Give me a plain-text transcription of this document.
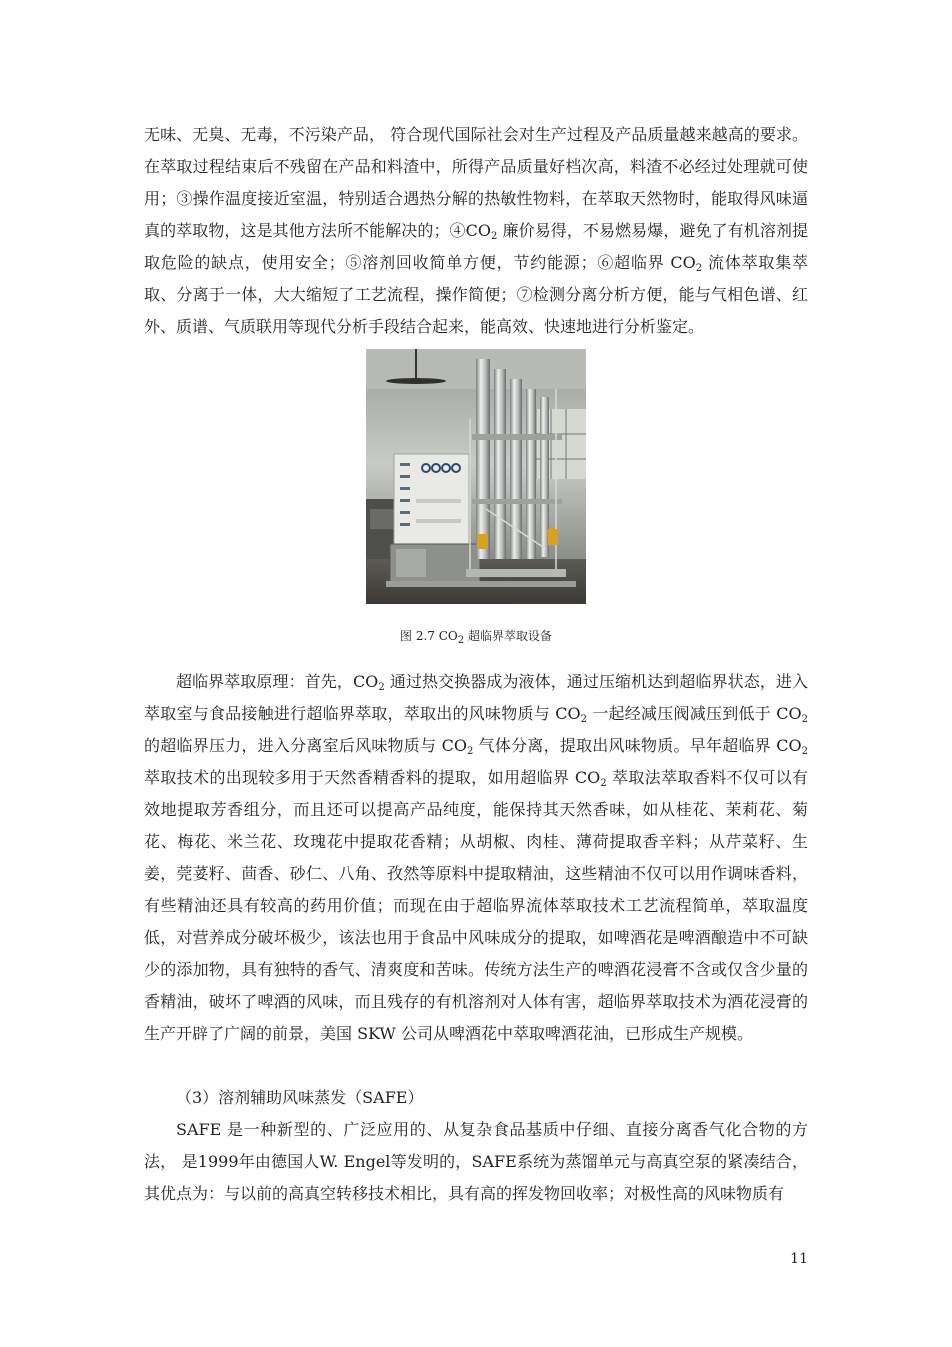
无味、无臭、无毒，不污染产品， 符合现代国际社会对生产过程及产品质量越来越高的要求。在萃取过程结束后不残留在产品和料渣中，所得产品质量好档次高，料渣不必经过处理就可使用；③操作温度接近室温，特别适合遇热分解的热敏性物料，在萃取天然物时，能取得风味逼真的萃取物，这是其他方法所不能解决的；$④CO_2$ 廉价易得，不易燃易爆，避免了有机溶剂提取危险的缺点，使用安全；⑤溶剂回收简单方便，节约能源；⑥超临界 $CO_2$ 流体萃取集萃取、分离于一体，大大缩短了工艺流程，操作简便；⑦检测分离分析方便，能与气相色谱、红外、质谱、气质联用等现代分析手段结合起来，能高效、快速地进行分析鉴定。

图 2.7 $CO_2$ 超临界萃取设备

超临界萃取原理：首先，$CO_2$ 通过热交换器成为液体，通过压缩机达到超临界状态，进入萃取室与食品接触进行超临界萃取，萃取出的风味物质与 $CO_2$ 一起经减压阀减压到低于 $CO_2$ 的超临界压力，进入分离室后风味物质与 $CO_2$ 气体分离，提取出风味物质。早年超临界 $CO_2$ 萃取技术的出现较多用于天然香精香料的提取，如用超临界 $CO_2$ 萃取法萃取香料不仅可以有效地提取芳香组分，而且还可以提高产品纯度，能保持其天然香味，如从桂花、茉莉花、菊花、梅花、米兰花、玫瑰花中提取花香精；从胡椒、肉桂、薄荷提取香辛料；从芹菜籽、生姜，莞荽籽、茴香、砂仁、八角、孜然等原料中提取精油，这些精油不仅可以用作调味香料，有些精油还具有较高的药用价值；而现在由于超临界流体萃取技术工艺流程简单，萃取温度低，对营养成分破坏极少，该法也用于食品中风味成分的提取，如啤酒花是啤酒酿造中不可缺少的添加物，具有独特的香气、清爽度和苦味。传统方法生产的啤酒花浸膏不含或仅含少量的香精油，破坏了啤酒的风味，而且残存的有机溶剂对人体有害，超临界萃取技术为酒花浸膏的生产开辟了广阔的前景，美国 SKW 公司从啤酒花中萃取啤酒花油，已形成生产规模。

（3）溶剂辅助风味蒸发（SAFE）

SAFE 是一种新型的、广泛应用的、从复杂食品基质中仔细、直接分离香气化合物的方法， 是1999年由德国人W. Engel等发明的，SAFE系统为蒸馏单元与高真空泵的紧凑结合，其优点为：与以前的高真空转移技术相比，具有高的挥发物回收率；对极性高的风味物质有

11
